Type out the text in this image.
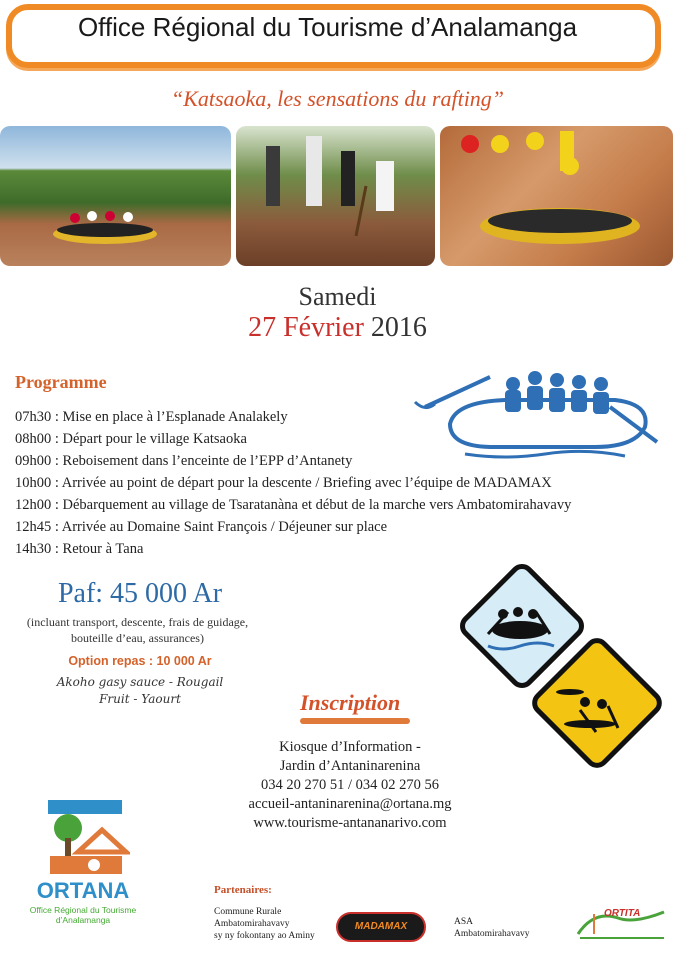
Office Régional du Tourisme d’Analamanga
“Katsaoka, les sensations du rafting”
Samedi
27 Février 2016
Programme
07h30 : Mise en place à l’Esplanade Analakely
08h00 : Départ pour le village Katsaoka
09h00 : Reboisement dans l’enceinte de l’EPP d’Antanety
10h00 : Arrivée au point de départ pour la descente / Briefing avec l’équipe de MADAMAX
12h00 : Débarquement au village de Tsaratanàna et début de la marche vers Ambatomirahavavy
12h45 : Arrivée au Domaine Saint François / Déjeuner sur place
14h30 : Retour à Tana
Paf: 45 000 Ar
(incluant transport, descente, frais de guidage,
bouteille d’eau, assurances)
Option repas : 10 000 Ar
Akoho gasy sauce - Rougail
Fruit - Yaourt	Inscription
Kiosque d’Information -
Jardin d’Antaninarenina
034 20 270 51 / 034 02 270 56
accueil-antaninarenina@ortana.mg
www.tourisme-antananarivo.com
ORTANA
Office Régional du Tourisme
d’Analamanga
Partenaires:
Commune Rurale
Ambatomirahavavy
sy ny fokontany ao Aminy
MADAMAX	ASA
Ambatomirahavavy
ORTITA
